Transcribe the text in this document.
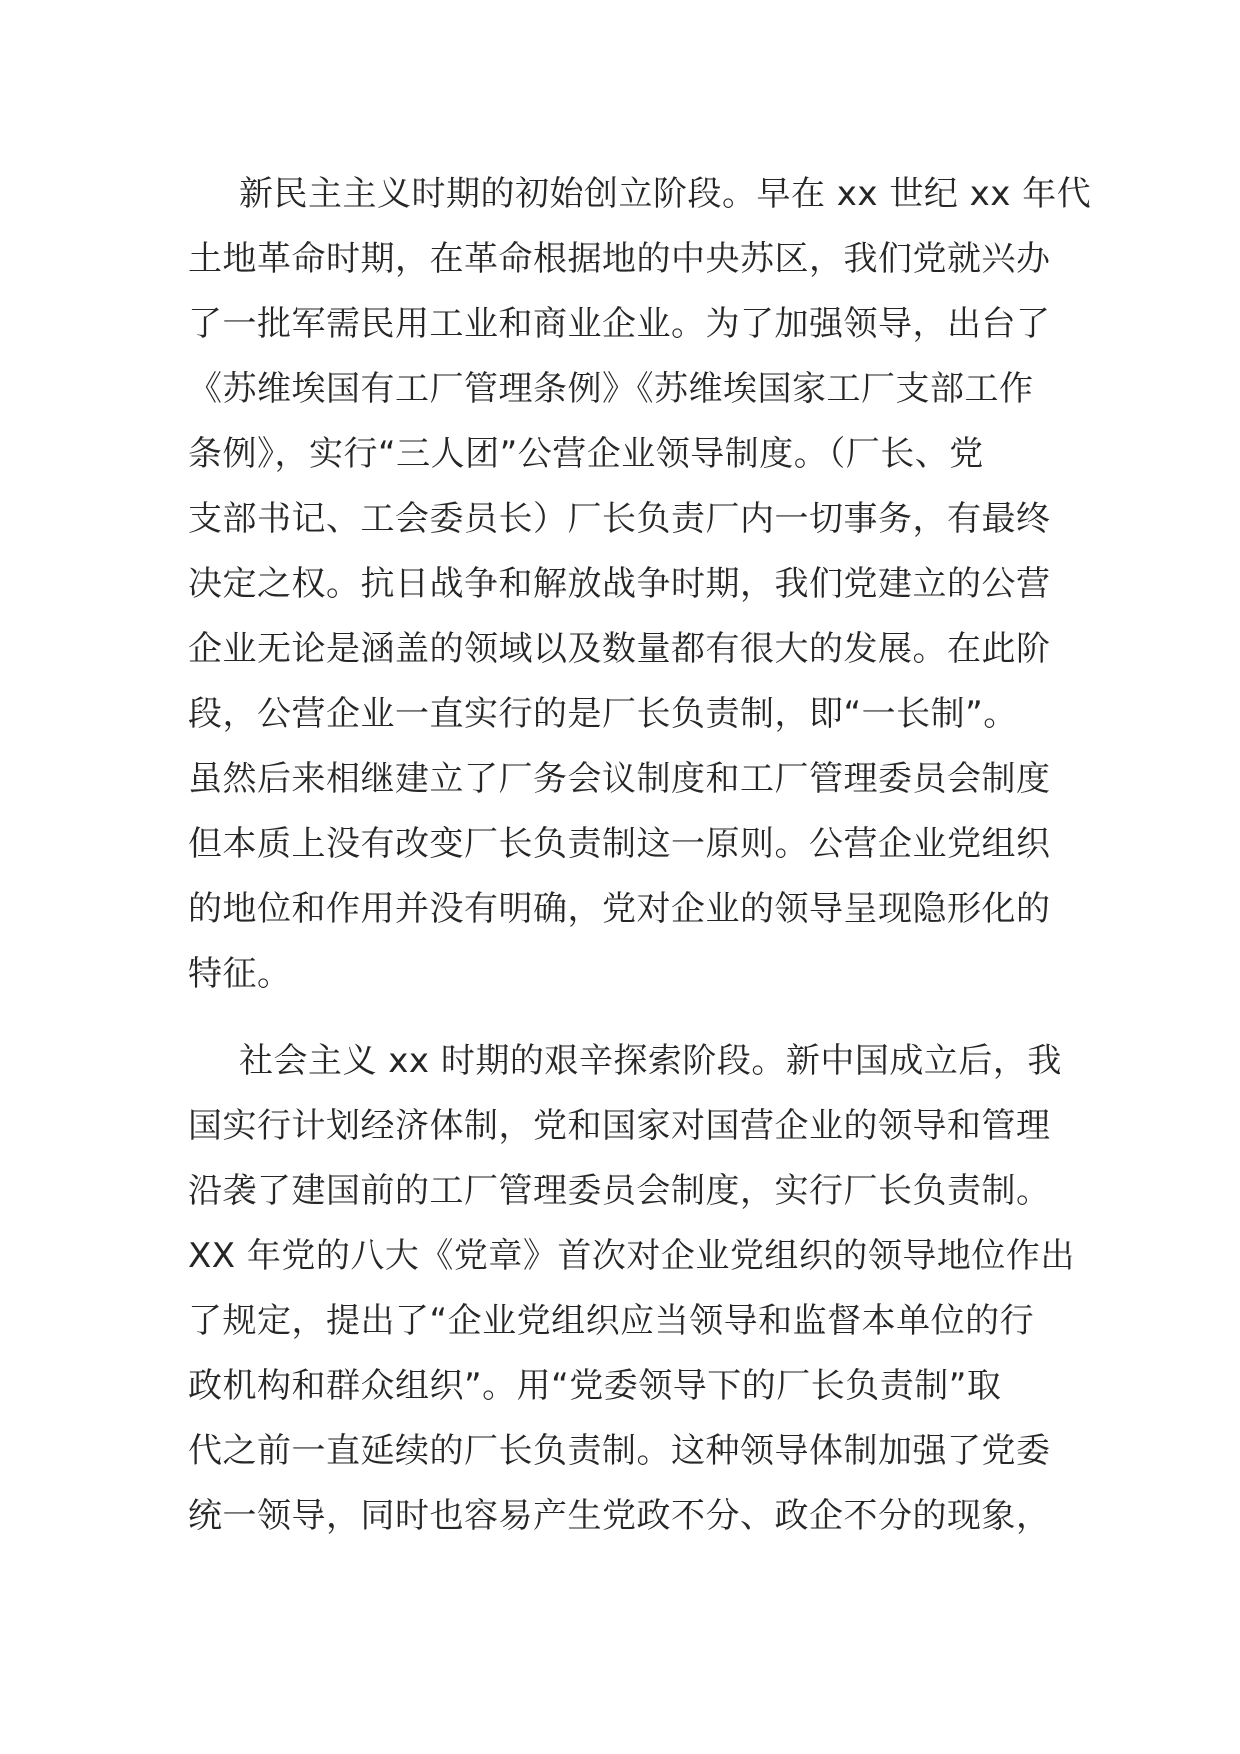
新民主主义时期的初始创立阶段。早在 xx 世纪 xx 年代
土地革命时期，在革命根据地的中央苏区，我们党就兴办
了一批军需民用工业和商业企业。为了加强领导，出台了
《苏维埃国有工厂管理条例》《苏维埃国家工厂支部工作
条例》，实行“三人团”公营企业领导制度。（厂长、党
支部书记、工会委员长）厂长负责厂内一切事务，有最终
决定之权。抗日战争和解放战争时期，我们党建立的公营
企业无论是涵盖的领域以及数量都有很大的发展。在此阶
段，公营企业一直实行的是厂长负责制，即“一长制”。
虽然后来相继建立了厂务会议制度和工厂管理委员会制度
但本质上没有改变厂长负责制这一原则。公营企业党组织
的地位和作用并没有明确，党对企业的领导呈现隐形化的
特征。
社会主义 xx 时期的艰辛探索阶段。新中国成立后，我
国实行计划经济体制，党和国家对国营企业的领导和管理
沿袭了建国前的工厂管理委员会制度，实行厂长负责制。
XX 年党的八大《党章》首次对企业党组织的领导地位作出
了规定，提出了“企业党组织应当领导和监督本单位的行
政机构和群众组织”。用“党委领导下的厂长负责制”取
代之前一直延续的厂长负责制。这种领导体制加强了党委
统一领导，同时也容易产生党政不分、政企不分的现象，
